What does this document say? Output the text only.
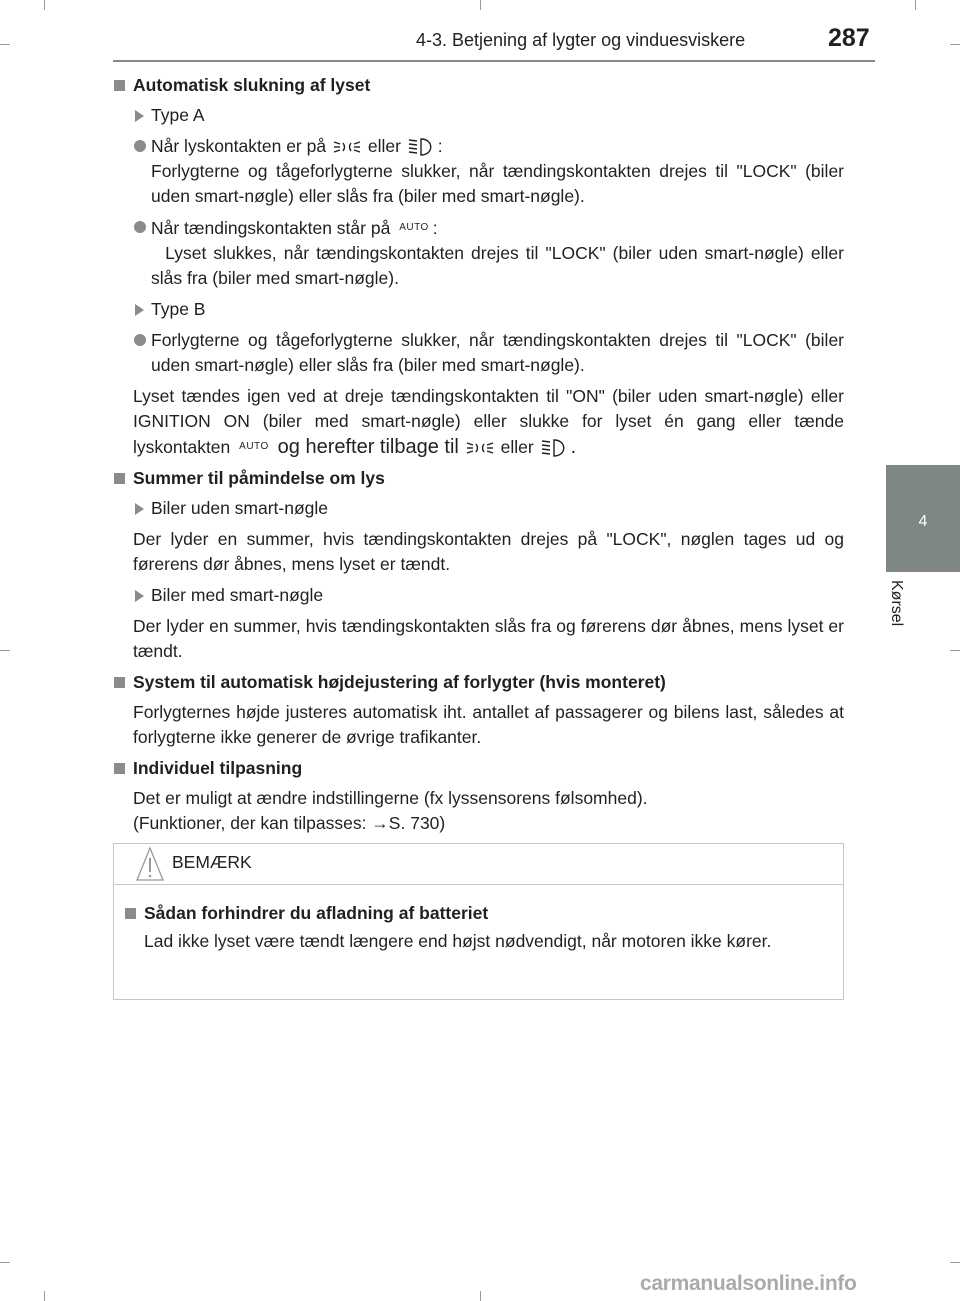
4-3. Betjening af lygter og vinduesviskere	287
4
Kørsel
Automatisk slukning af lyset
Type A
Når lyskontakten er på eller :
Forlygterne og tågeforlygterne slukker, når tændingskontakten drejes til "LOCK" (biler uden smart-nøgle) eller slås fra (biler med smart-nøgle).
Når tændingskontakten står på AUTO :
Lyset slukkes, når tændingskontakten drejes til "LOCK" (biler uden smart-nøgle) eller slås fra (biler med smart-nøgle).
Type B
Forlygterne og tågeforlygterne slukker, når tændingskontakten drejes til "LOCK" (biler uden smart-nøgle) eller slås fra (biler med smart-nøgle).
Lyset tændes igen ved at dreje tændingskontakten til "ON" (biler uden smart-nøgle) eller IGNITION ON (biler med smart-nøgle) eller slukke for lyset én gang eller tænde lyskontakten AUTO og herefter tilbage til eller .
Summer til påmindelse om lys
Biler uden smart-nøgle
Der lyder en summer, hvis tændingskontakten drejes på "LOCK", nøglen tages ud og førerens dør åbnes, mens lyset er tændt.
Biler med smart-nøgle
Der lyder en summer, hvis tændingskontakten slås fra og førerens dør åbnes, mens lyset er tændt.
System til automatisk højdejustering af forlygter (hvis monteret)
Forlygternes højde justeres automatisk iht. antallet af passagerer og bilens last, således at forlygterne ikke generer de øvrige trafikanter.
Individuel tilpasning
Det er muligt at ændre indstillingerne (fx lyssensorens følsomhed).
(Funktioner, der kan tilpasses: →S. 730)
BEMÆRK
Sådan forhindrer du afladning af batteriet
Lad ikke lyset være tændt længere end højst nødvendigt, når motoren ikke kører.
carmanualsonline.info
